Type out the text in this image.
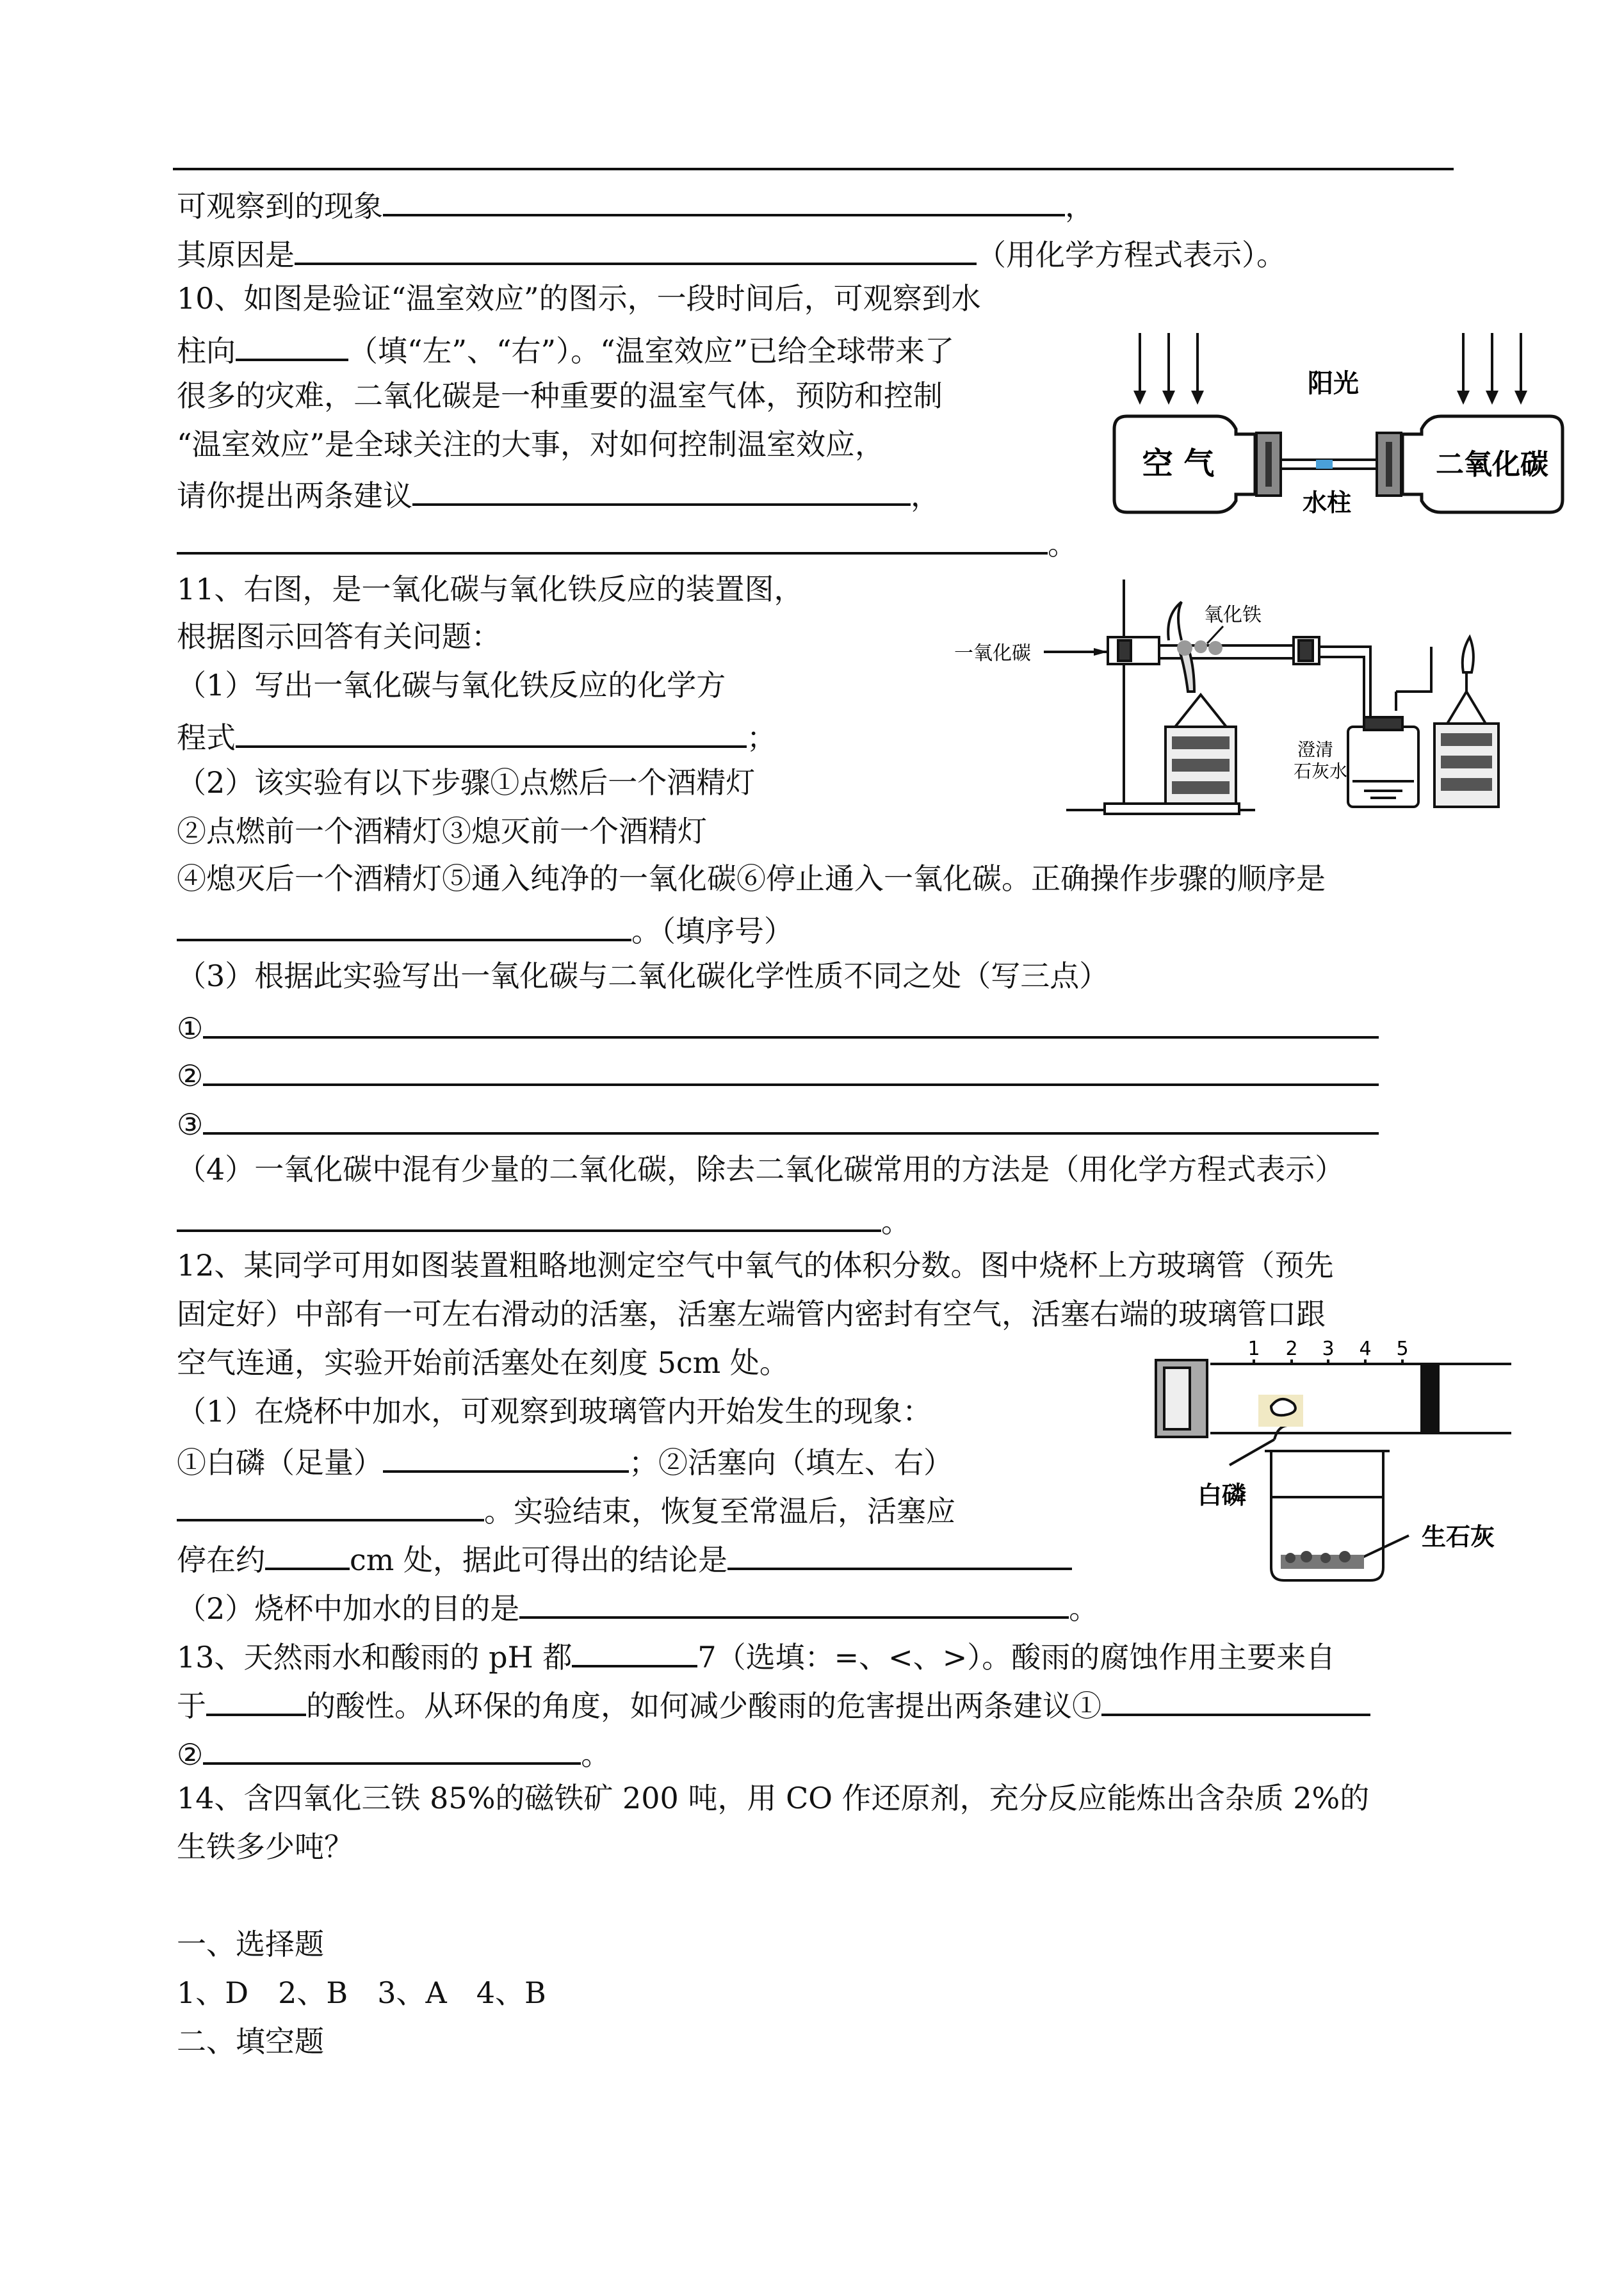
可观察到的现象	，
其原因是	（用化学方程式表示）。
10、如图是验证“温室效应”的图示，一段时间后，可观察到水
柱向	（填“左”、“右”）。“温室效应”已给全球带来了
很多的灾难，二氧化碳是一种重要的温室气体，预防和控制
“温室效应”是全球关注的大事，对如何控制温室效应，
请你提出两条建议	，
。
空 气
阳光
二氧化碳
水柱
11、右图，是一氧化碳与氧化铁反应的装置图，
根据图示回答有关问题：
（1）写出一氧化碳与氧化铁反应的化学方
程式	；
（2）该实验有以下步骤①点燃后一个酒精灯
②点燃前一个酒精灯③熄灭前一个酒精灯
④熄灭后一个酒精灯⑤通入纯净的一氧化碳⑥停止通入一氧化碳。正确操作步骤的顺序是
。（填序号）
（3）根据此实验写出一氧化碳与二氧化碳化学性质不同之处（写三点）
①
②
③
（4）一氧化碳中混有少量的二氧化碳，除去二氧化碳常用的方法是（用化学方程式表示）
。
一氧化碳
氧化铁
澄清
石灰水
12、某同学可用如图装置粗略地测定空气中氧气的体积分数。图中烧杯上方玻璃管（预先
固定好）中部有一可左右滑动的活塞，活塞左端管内密封有空气，活塞右端的玻璃管口跟
空气连通，实验开始前活塞处在刻度 5cm 处。
（1）在烧杯中加水，可观察到玻璃管内开始发生的现象：
①白磷（足量）	；②活塞向（填左、右）
。实验结束，恢复至常温后，活塞应
停在约	cm 处，据此可得出的结论是
（2）烧杯中加水的目的是	。
1 2 3 4 5
白磷
生石灰
13、天然雨水和酸雨的 pH 都	7（选填：=、<、>）。酸雨的腐蚀作用主要来自
于	的酸性。从环保的角度，如何减少酸雨的危害提出两条建议①
②	。
14、含四氧化三铁 85%的磁铁矿 200 吨，用 CO 作还原剂，充分反应能炼出含杂质 2%的
生铁多少吨？
一、选择题
1、D　2、B　3、A　4、B
二、填空题
